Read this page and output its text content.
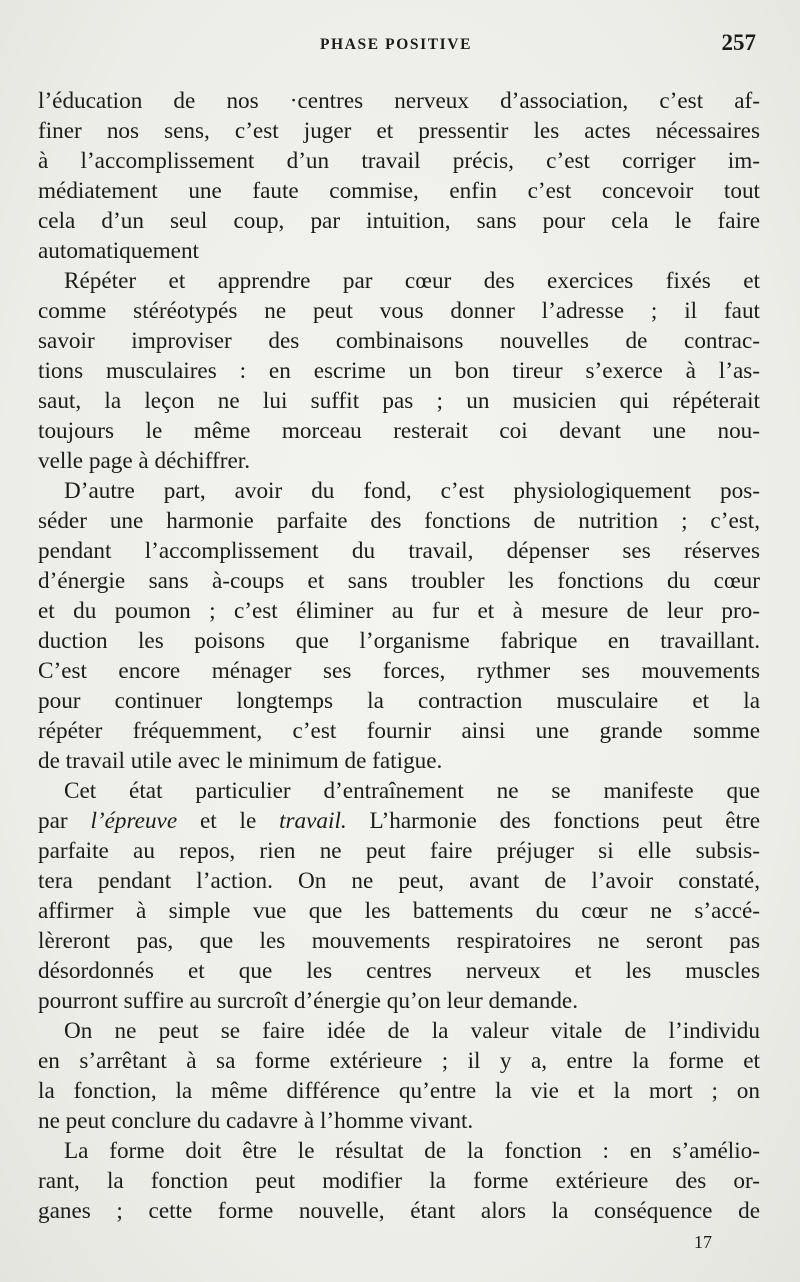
PHASE POSITIVE	257
l’éducation de nos ·centres nerveux d’association, c’est af-
finer nos sens, c’est juger et pressentir les actes nécessaires
à l’accomplissement d’un travail précis, c’est corriger im-
médiatement une faute commise, enfin c’est concevoir tout
cela d’un seul coup, par intuition, sans pour cela le faire
automatiquement
Répéter et apprendre par cœur des exercices fixés et
comme stéréotypés ne peut vous donner l’adresse ; il faut
savoir improviser des combinaisons nouvelles de contrac-
tions musculaires : en escrime un bon tireur s’exerce à l’as-
saut, la leçon ne lui suffit pas ; un musicien qui répéterait
toujours le même morceau resterait coi devant une nou-
velle page à déchiffrer.
D’autre part, avoir du fond, c’est physiologiquement pos-
séder une harmonie parfaite des fonctions de nutrition ; c’est,
pendant l’accomplissement du travail, dépenser ses réserves
d’énergie sans à-coups et sans troubler les fonctions du cœur
et du poumon ; c’est éliminer au fur et à mesure de leur pro-
duction les poisons que l’organisme fabrique en travaillant.
C’est encore ménager ses forces, rythmer ses mouvements
pour continuer longtemps la contraction musculaire et la
répéter fréquemment, c’est fournir ainsi une grande somme
de travail utile avec le minimum de fatigue.
Cet état particulier d’entraînement ne se manifeste que
par l’épreuve et le travail. L’harmonie des fonctions peut être
parfaite au repos, rien ne peut faire préjuger si elle subsis-
tera pendant l’action. On ne peut, avant de l’avoir constaté,
affirmer à simple vue que les battements du cœur ne s’accé-
lèreront pas, que les mouvements respiratoires ne seront pas
désordonnés et que les centres nerveux et les muscles
pourront suffire au surcroît d’énergie qu’on leur demande.
On ne peut se faire idée de la valeur vitale de l’individu
en s’arrêtant à sa forme extérieure ; il y a, entre la forme et
la fonction, la même différence qu’entre la vie et la mort ; on
ne peut conclure du cadavre à l’homme vivant.
La forme doit être le résultat de la fonction : en s’amélio-
rant, la fonction peut modifier la forme extérieure des or-
ganes ; cette forme nouvelle, étant alors la conséquence de
17
